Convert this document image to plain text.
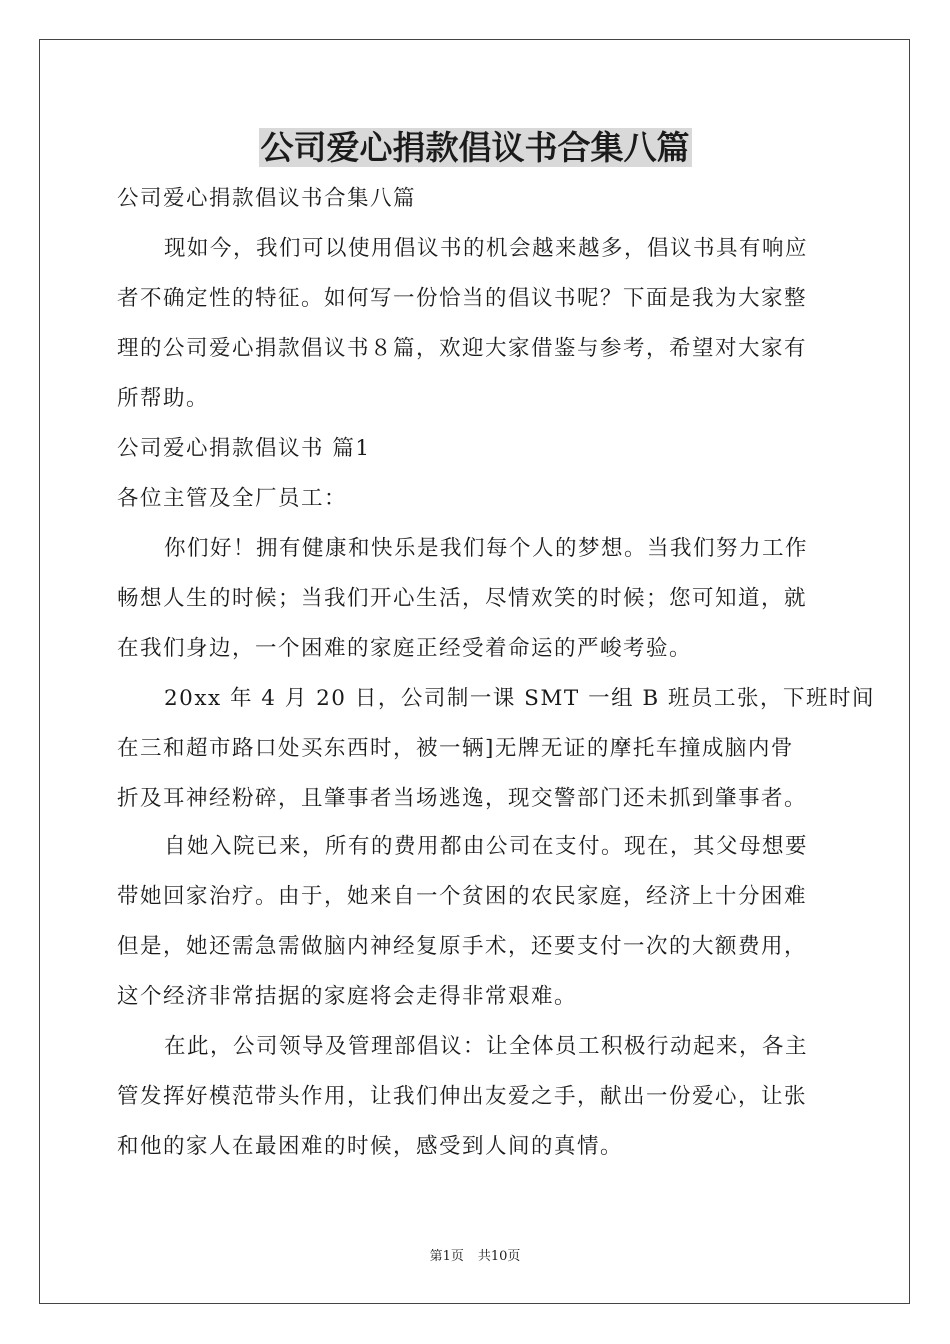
公司爱心捐款倡议书合集八篇
公司爱心捐款倡议书合集八篇
现如今，我们可以使用倡议书的机会越来越多，倡议书具有响应
者不确定性的特征。如何写一份恰当的倡议书呢？下面是我为大家整
理的公司爱心捐款倡议书８篇，欢迎大家借鉴与参考，希望对大家有
所帮助。
公司爱心捐款倡议书 篇1
各位主管及全厂员工：
你们好！拥有健康和快乐是我们每个人的梦想。当我们努力工作
畅想人生的时候；当我们开心生活，尽情欢笑的时候；您可知道，就
在我们身边，一个困难的家庭正经受着命运的严峻考验。
20xx 年 4 月 20 日，公司制一课 SMT 一组 B 班员工张，下班时间
在三和超市路口处买东西时，被一辆]无牌无证的摩托车撞成脑内骨
折及耳神经粉碎，且肇事者当场逃逸，现交警部门还未抓到肇事者。
自她入院已来，所有的费用都由公司在支付。现在，其父母想要
带她回家治疗。由于，她来自一个贫困的农民家庭，经济上十分困难
但是，她还需急需做脑内神经复原手术，还要支付一次的大额费用，
这个经济非常拮据的家庭将会走得非常艰难。
在此，公司领导及管理部倡议：让全体员工积极行动起来，各主
管发挥好模范带头作用，让我们伸出友爱之手，献出一份爱心，让张
和他的家人在最困难的时候，感受到人间的真情。
第1页 共10页
